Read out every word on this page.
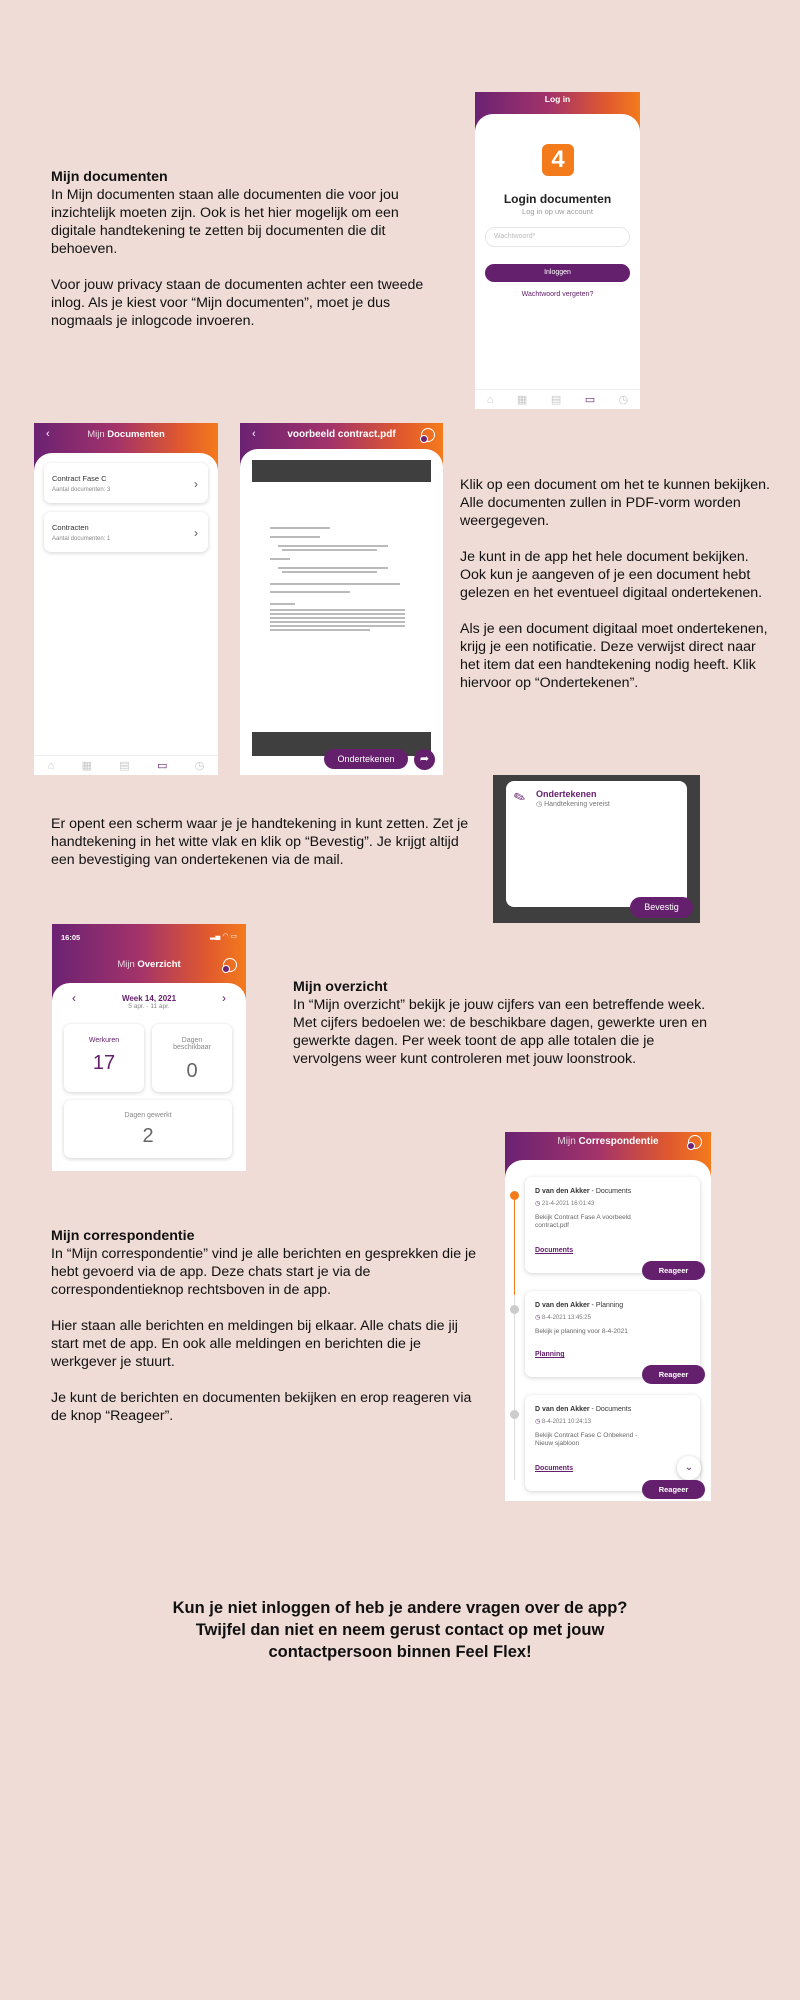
Mijn documenten

In Mijn documenten staan alle documenten die voor jou inzichtelijk moeten zijn. Ook is het hier mogelijk om een digitale handtekening te zetten bij documenten die dit behoeven.

Voor jouw privacy staan de documenten achter een tweede inlog. Als je kiest voor “Mijn documenten”, moet je dus nogmaals je inlogcode invoeren.

Log in
4
Login documenten
Log in op uw account
Wachtwoord*
Inloggen
Wachtwoord vergeten?
⌂ ▦ ▤ ▭ ◷
‹	Mijn Documenten
Contract Fase C
Aantal documenten: 3	›
Contracten
Aantal documenten: 1	›
⌂ ▦ ▤ ▭ ◷
‹	voorbeeld contract.pdf
Ondertekenen	➦

Klik op een document om het te kunnen bekijken. Alle documenten zullen in PDF-vorm worden weergegeven.

Je kunt in de app het hele document bekijken. Ook kun je aangeven of je een document hebt gelezen en het eventueel digitaal ondertekenen.

Als je een document digitaal moet ondertekenen, krijg je een notificatie. Deze verwijst direct naar het item dat een handtekening nodig heeft. Klik hiervoor op “Ondertekenen”.

Er opent een scherm waar je je handtekening in kunt zetten. Zet je handtekening in het witte vlak en klik op “Bevestig”. Je krijgt altijd een bevestiging van ondertekenen via de mail.

✎ Ondertekenen
◷ Handtekening vereist
Bevestig
16:05	▂▄ ◠ ▭
Mijn Overzicht
‹	›
Week 14, 2021
5 apr. - 11 apr.
Werkuren
17
Dagen beschikbaar
0
Dagen gewerkt
2
Mijn overzicht

In “Mijn overzicht” bekijk je jouw cijfers van een betreffende week. Met cijfers bedoelen we: de beschikbare dagen, gewerkte uren en gewerkte dagen. Per week toont de app alle totalen die je vervolgens weer kunt controleren met jouw loonstrook.

Mijn correspondentie

In “Mijn correspondentie” vind je alle berichten en gesprekken die je hebt gevoerd via de app. Deze chats start je via de correspondentieknop rechtsboven in de app.

Hier staan alle berichten en meldingen bij elkaar. Alle chats die jij start met de app. En ook alle meldingen en berichten die je werkgever je stuurt.

Je kunt de berichten en documenten bekijken en erop reageren via de knop “Reageer”.

Mijn Correspondentie
D van den Akker - Documents
◷ 21-4-2021 16:01:43
Bekijk Contract Fase A voorbeeld contract.pdf
Documents
Reageer
D van den Akker - Planning
◷ 8-4-2021 13:45:25
Bekijk je planning voor 8-4-2021
Planning
Reageer
D van den Akker - Documents
◷ 8-4-2021 10:24:13
Bekijk Contract Fase C Onbekend - Nieuw sjabloon
Documents	⌄
Reageer
Kun je niet inloggen of heb je andere vragen over de app?
Twijfel dan niet en neem gerust contact op met jouw
contactpersoon binnen Feel Flex!
